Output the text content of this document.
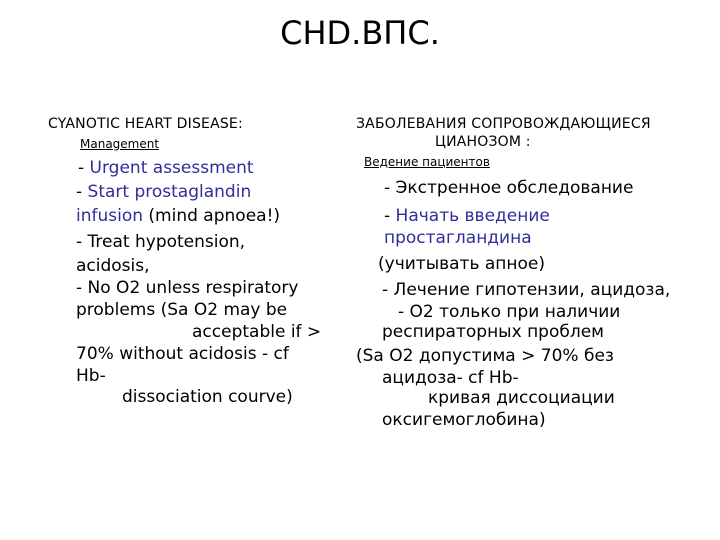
CHD.ВПС.
CYANOTIC HEART DISEASE:
Management
- Urgent assessment
- Start prostaglandin
infusion (mind apnoea!)
- Treat hypotension,
acidosis,
- No O2 unless respiratory
problems (Sa O2 may be
acceptable if >
70% without acidosis - cf
Hb-
dissociation courve)
ЗАБОЛЕВАНИЯ СОПРОВОЖДАЮЩИЕСЯ
ЦИАНОЗОМ :
Ведение пациентов
- Экстренное обследование
- Начать введение
простагландина
(учитывать апное)
- Лечение гипотензии, ацидоза,
- O2 только при наличии
респираторных проблем
(Sa O2 допустима > 70% без
ацидоза- cf Hb-
кривая диссоциации
оксигемоглобина)
